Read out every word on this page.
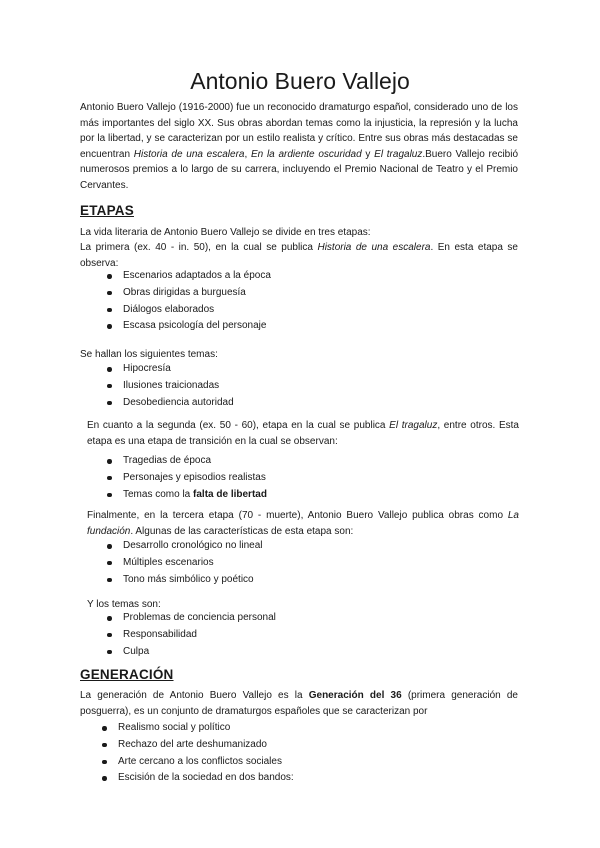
Antonio Buero Vallejo
Antonio Buero Vallejo (1916-2000) fue un reconocido dramaturgo español, considerado uno de los más importantes del siglo XX. Sus obras abordan temas como la injusticia, la represión y la lucha por la libertad, y se caracterizan por un estilo realista y crítico. Entre sus obras más destacadas se encuentran Historia de una escalera, En la ardiente oscuridad y El tragaluz.Buero Vallejo recibió numerosos premios a lo largo de su carrera, incluyendo el Premio Nacional de Teatro y el Premio Cervantes.
ETAPAS
La vida literaria de Antonio Buero Vallejo se divide en tres etapas:
La primera (ex. 40 - in. 50), en la cual se publica Historia de una escalera. En esta etapa se observa:
Escenarios adaptados a la época
Obras dirigidas a burguesía
Diálogos elaborados
Escasa psicología del personaje
Se hallan los siguientes temas:
Hipocresía
Ilusiones traicionadas
Desobediencia autoridad
En cuanto a la segunda (ex. 50 - 60), etapa en la cual se publica El tragaluz, entre otros. Esta etapa es una etapa de transición en la cual se observan:
Tragedias de época
Personajes y episodios realistas
Temas como la falta de libertad
Finalmente, en la tercera etapa (70 - muerte), Antonio Buero Vallejo publica obras como La fundación. Algunas de las características de esta etapa son:
Desarrollo cronológico no lineal
Múltiples escenarios
Tono más simbólico y poético
Y los temas son:
Problemas de conciencia personal
Responsabilidad
Culpa
GENERACIÓN
La generación de Antonio Buero Vallejo es la Generación del 36 (primera generación de posguerra), es un conjunto de dramaturgos españoles que se caracterizan por
Realismo social y político
Rechazo del arte deshumanizado
Arte cercano a los conflictos sociales
Escisión de la sociedad en dos bandos:
